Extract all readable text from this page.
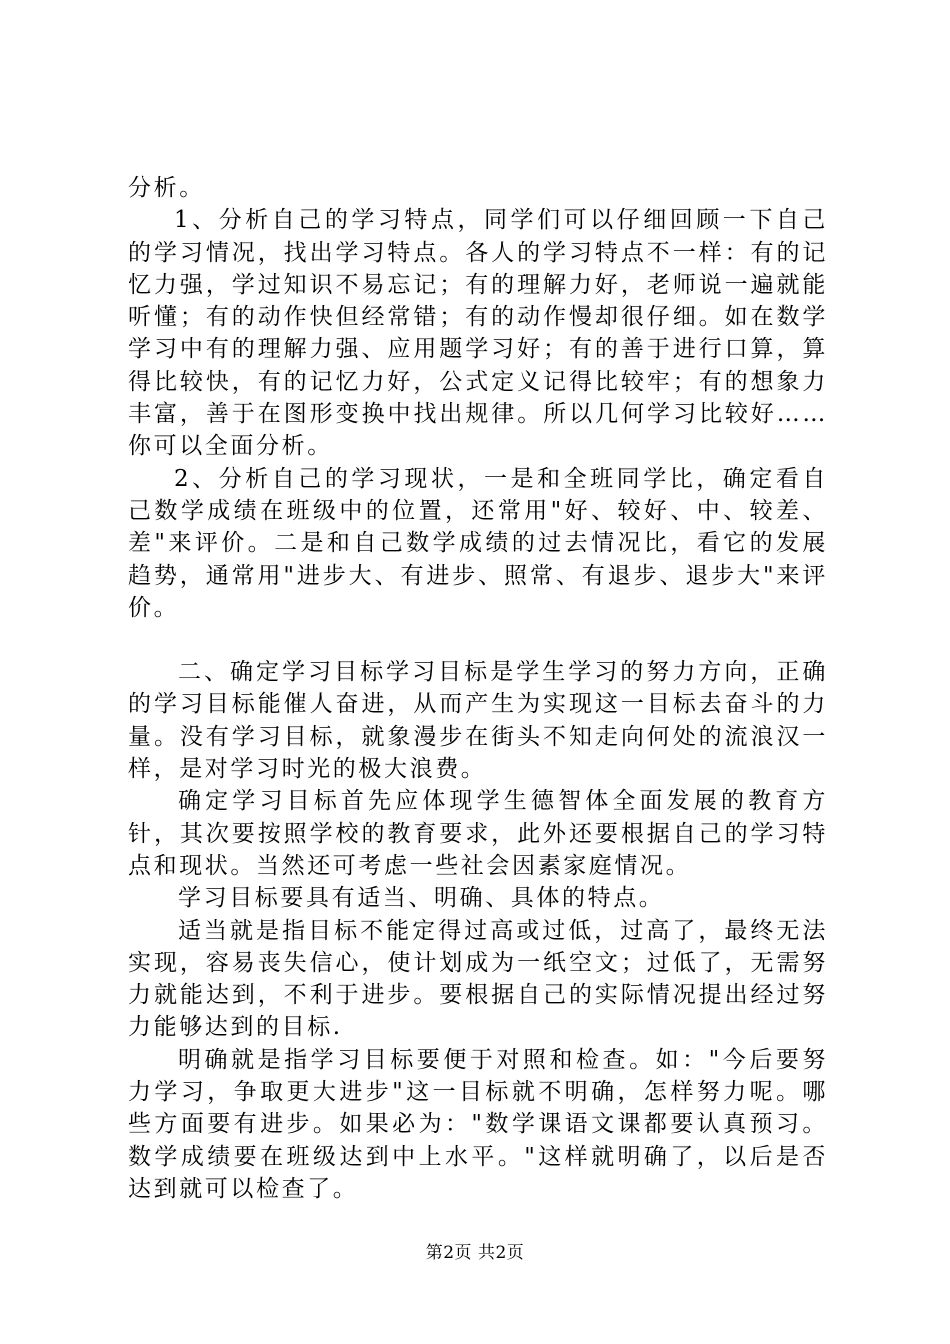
分析。

1、分析自己的学习特点，同学们可以仔细回顾一下自己的学习情况，找出学习特点。各人的学习特点不一样：有的记忆力强，学过知识不易忘记；有的理解力好，老师说一遍就能听懂；有的动作快但经常错；有的动作慢却很仔细。如在数学学习中有的理解力强、应用题学习好；有的善于进行口算，算得比较快，有的记忆力好，公式定义记得比较牢；有的想象力丰富，善于在图形变换中找出规律。所以几何学习比较好……你可以全面分析。

2、分析自己的学习现状，一是和全班同学比，确定看自己数学成绩在班级中的位置，还常用"好、较好、中、较差、差"来评价。二是和自己数学成绩的过去情况比，看它的发展趋势，通常用"进步大、有进步、照常、有退步、退步大"来评价。

二、确定学习目标学习目标是学生学习的努力方向，正确的学习目标能催人奋进，从而产生为实现这一目标去奋斗的力量。没有学习目标，就象漫步在街头不知走向何处的流浪汉一样，是对学习时光的极大浪费。

确定学习目标首先应体现学生德智体全面发展的教育方针，其次要按照学校的教育要求，此外还要根据自己的学习特点和现状。当然还可考虑一些社会因素家庭情况。

学习目标要具有适当、明确、具体的特点。

适当就是指目标不能定得过高或过低，过高了，最终无法实现，容易丧失信心，使计划成为一纸空文；过低了，无需努力就能达到，不利于进步。要根据自己的实际情况提出经过努力能够达到的目标.

明确就是指学习目标要便于对照和检查。如："今后要努力学习，争取更大进步"这一目标就不明确，怎样努力呢。哪些方面要有进步。如果必为："数学课语文课都要认真预习。数学成绩要在班级达到中上水平。"这样就明确了，以后是否达到就可以检查了。

第2页 共2页
